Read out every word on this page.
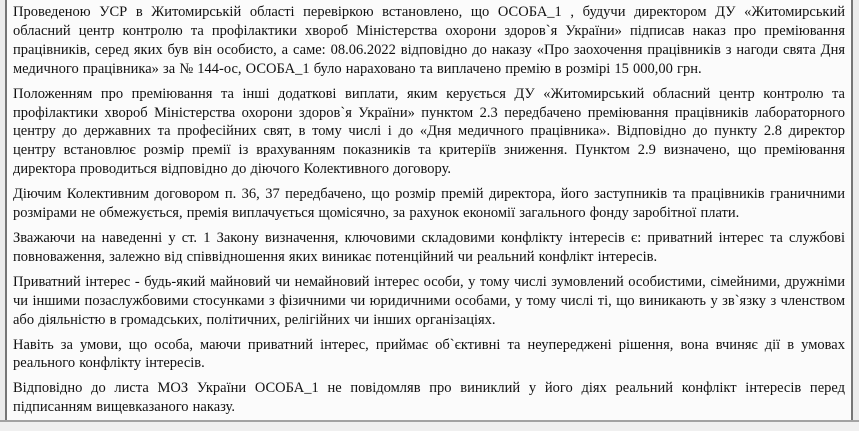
Проведеною УСР в Житомирській області перевіркою встановлено, що ОСОБА_1 , будучи директором ДУ «Житомирський обласний центр контролю та профілактики хвороб Міністерства охорони здоров`я України» підписав наказ про преміювання працівників, серед яких був він особисто, а саме: 08.06.2022 відповідно до наказу «Про заохочення працівників з нагоди свята Дня медичного працівника» за № 144-ос, ОСОБА_1 було нараховано та виплачено премію в розмірі 15 000,00 грн.

Положенням про преміювання та інші додаткові виплати, яким керується ДУ «Житомирський обласний центр контролю та профілактики хвороб Міністерства охорони здоров`я України» пунктом 2.3 передбачено преміювання працівників лабораторного центру до державних та професійних свят, в тому числі і до «Дня медичного працівника». Відповідно до пункту 2.8 директор центру встановлює розмір премії із врахуванням показників та критеріїв зниження. Пунктом 2.9 визначено, що преміювання директора проводиться відповідно до діючого Колективного договору.

Діючим Колективним договором п. 36, 37 передбачено, що розмір премій директора, його заступників та працівників граничними розмірами не обмежується, премія виплачується щомісячно, за рахунок економії загального фонду заробітної плати.

Зважаючи на наведенні у ст. 1 Закону визначення, ключовими складовими конфлікту інтересів є: приватний інтерес та службові повноваження, залежно від співвідношення яких виникає потенційний чи реальний конфлікт інтересів.

Приватний інтерес - будь-який майновий чи немайновий інтерес особи, у тому числі зумовлений особистими, сімейними, дружніми чи іншими позаслужбовими стосунками з фізичними чи юридичними особами, у тому числі ті, що виникають у зв`язку з членством або діяльністю в громадських, політичних, релігійних чи інших організаціях.

Навіть за умови, що особа, маючи приватний інтерес, приймає об`єктивні та неупереджені рішення, вона вчиняє дії в умовах реального конфлікту інтересів.

Відповідно до листа МОЗ України ОСОБА_1 не повідомляв про виниклий у його діях реальний конфлікт інтересів перед підписанням вищевказаного наказу.
